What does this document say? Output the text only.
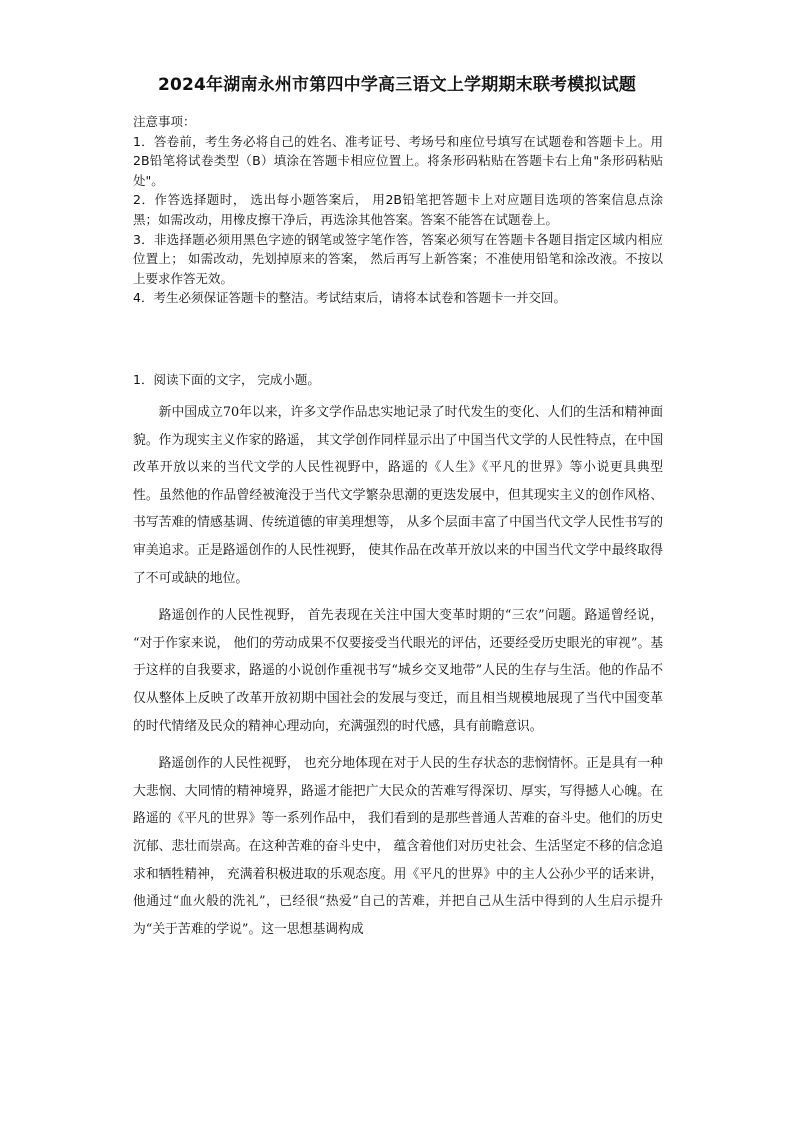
2024年湖南永州市第四中学高三语文上学期期末联考模拟试题

注意事项：

1．答卷前，考生务必将自己的姓名、准考证号、考场号和座位号填写在试题卷和答题卡上。用2B铅笔将试卷类型（B）填涂在答题卡相应位置上。将条形码粘贴在答题卡右上角"条形码粘贴处"。

2．作答选择题时， 选出每小题答案后， 用2B铅笔把答题卡上对应题目选项的答案信息点涂黑；如需改动，用橡皮擦干净后，再选涂其他答案。答案不能答在试题卷上。

3．非选择题必须用黑色字迹的钢笔或签字笔作答，答案必须写在答题卡各题目指定区域内相应位置上； 如需改动，先划掉原来的答案， 然后再写上新答案；不准使用铅笔和涂改液。不按以上要求作答无效。

4．考生必须保证答题卡的整洁。考试结束后，请将本试卷和答题卡一并交回。

1．阅读下面的文字， 完成小题。

新中国成立70年以来，许多文学作品忠实地记录了时代发生的变化、人们的生活和精神面貌。作为现实主义作家的路遥， 其文学创作同样显示出了中国当代文学的人民性特点，在中国改革开放以来的当代文学的人民性视野中，路遥的《人生》《平凡的世界》等小说更具典型性。虽然他的作品曾经被淹没于当代文学繁杂思潮的更迭发展中，但其现实主义的创作风格、书写苦难的情感基调、传统道德的审美理想等， 从多个层面丰富了中国当代文学人民性书写的审美追求。正是路遥创作的人民性视野， 使其作品在改革开放以来的中国当代文学中最终取得了不可或缺的地位。

路遥创作的人民性视野， 首先表现在关注中国大变革时期的“三农”问题。路遥曾经说， “对于作家来说， 他们的劳动成果不仅要接受当代眼光的评估，还要经受历史眼光的审视”。基于这样的自我要求，路遥的小说创作重视书写“城乡交叉地带”人民的生存与生活。他的作品不仅从整体上反映了改革开放初期中国社会的发展与变迁，而且相当规模地展现了当代中国变革的时代情绪及民众的精神心理动向，充满强烈的时代感，具有前瞻意识。

路遥创作的人民性视野， 也充分地体现在对于人民的生存状态的悲悯情怀。正是具有一种大悲悯、大同情的精神境界，路遥才能把广大民众的苦难写得深切、厚实，写得撼人心魄。在路遥的《平凡的世界》等一系列作品中， 我们看到的是那些普通人苦难的奋斗史。他们的历史沉郁、悲壮而崇高。在这种苦难的奋斗史中， 蕴含着他们对历史社会、生活坚定不移的信念追求和牺牲精神， 充满着积极进取的乐观态度。用《平凡的世界》中的主人公孙少平的话来讲，他通过“血火般的洗礼”，已经很“热爱”自己的苦难，并把自己从生活中得到的人生启示提升为“关于苦难的学说”。这一思想基调构成
